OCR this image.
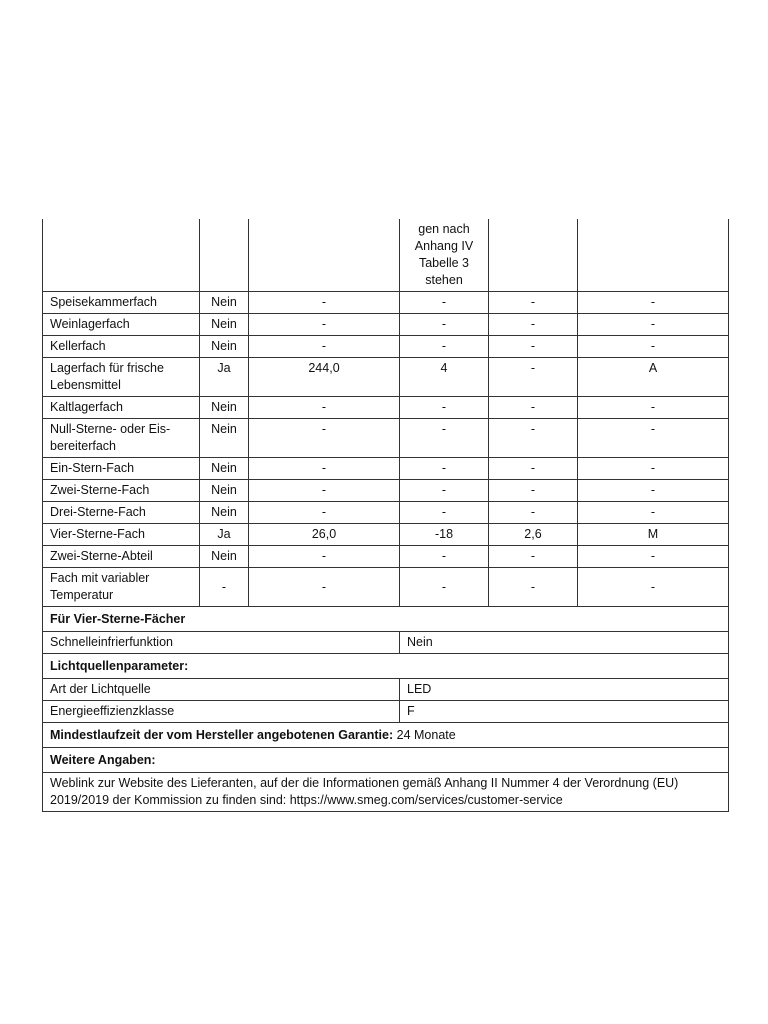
			gen nach
Anhang IV
Tabelle 3
stehen		

Speisekammerfach	Nein	-	-	-	-
Weinlagerfach	Nein	-	-	-	-
Kellerfach	Nein	-	-	-	-
Lagerfach für frische Lebensmittel	Ja	244,0	4	-	A
Kaltlagerfach	Nein	-	-	-	-
Null-Sterne- oder Eis-bereiterfach	Nein	-	-	-	-
Ein-Stern-Fach	Nein	-	-	-	-
Zwei-Sterne-Fach	Nein	-	-	-	-
Drei-Sterne-Fach	Nein	-	-	-	-
Vier-Sterne-Fach	Ja	26,0	-18	2,6	M
Zwei-Sterne-Abteil	Nein	-	-	-	-
Fach mit variabler Temperatur	-	-	-	-	-
Für Vier-Sterne-Fächer					
Schnelleinfrierfunktion			Nein		
Lichtquellenparameter:					
Art der Lichtquelle			LED		
Energieeffizienzklasse			F		
Mindestlaufzeit der vom Hersteller angebotenen Garantie: 24 Monate					
Weitere Angaben:					
Weblink zur Website des Lieferanten, auf der die Informationen gemäß Anhang II Nummer 4 der Verordnung (EU) 2019/2019 der Kommission zu finden sind: https://www.smeg.com/services/customer-service					
